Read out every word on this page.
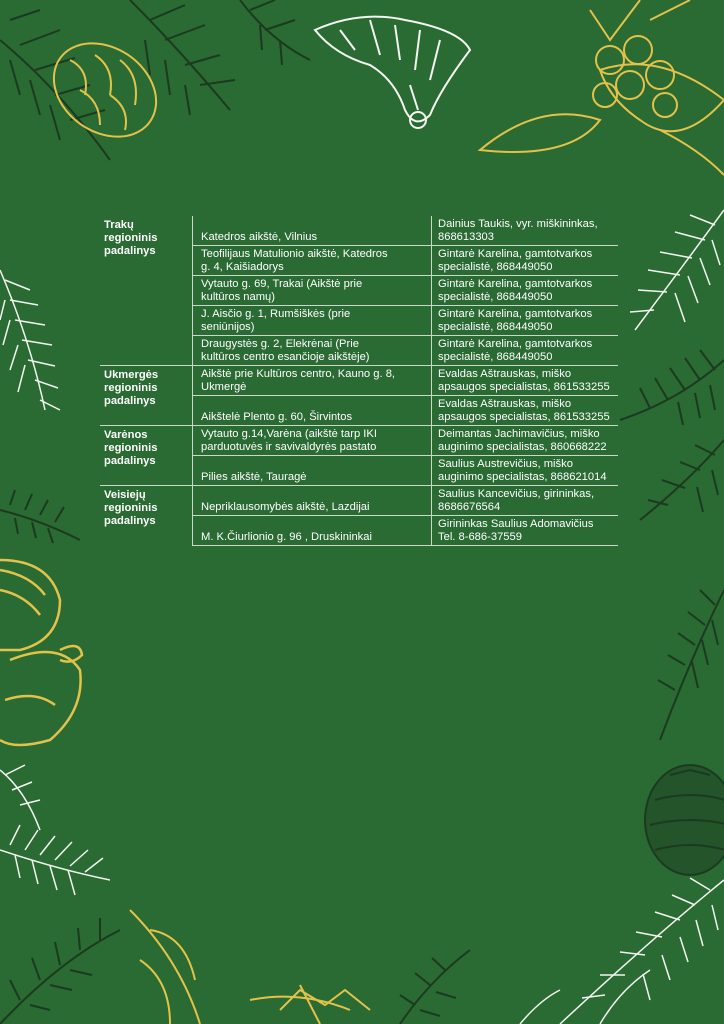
Trakų
regioninis
padalinys	Katedros aikštė, Vilnius	Dainius Taukis, vyr. miškininkas,
868613303

	Teofilijaus Matulionio aikštė, Katedros
g. 4, Kaišiadorys	Gintarė Karelina, gamtotvarkos
specialistė, 868449050

	Vytauto g. 69, Trakai (Aikštė prie
kultūros namų)	Gintarė Karelina, gamtotvarkos
specialistė, 868449050

	J. Aisčio g. 1, Rumšiškės (prie
seniūnijos)	Gintarė Karelina, gamtotvarkos
specialistė, 868449050

	Draugystės g. 2, Elekrėnai (Prie
kultūros centro esančioje aikštėje)	Gintarė Karelina, gamtotvarkos
specialistė, 868449050

Ukmergės
regioninis
padalinys	Aikštė prie Kultūros centro, Kauno g. 8,
Ukmergė	Evaldas Aštrauskas, miško
apsaugos specialistas, 861533255

	Aikštelė Plento g. 60, Širvintos	Evaldas Aštrauskas, miško
apsaugos specialistas, 861533255

Varėnos
regioninis
padalinys	Vytauto g.14,Varėna (aikštė tarp IKI
parduotuvės ir savivaldyrės pastato	Deimantas Jachimavičius, miško
auginimo specialistas, 860668222

	Pilies aikštė, Tauragė	Saulius Austrevičius, miško
auginimo specialistas, 868621014

Veisiejų
regioninis
padalinys	Nepriklausomybės aikštė, Lazdijai	Saulius Kancevičius, girininkas,
8686676564

	M. K.Čiurlionio g. 96 , Druskininkai	Girininkas Saulius Adomavičius
Tel. 8-686-37559
